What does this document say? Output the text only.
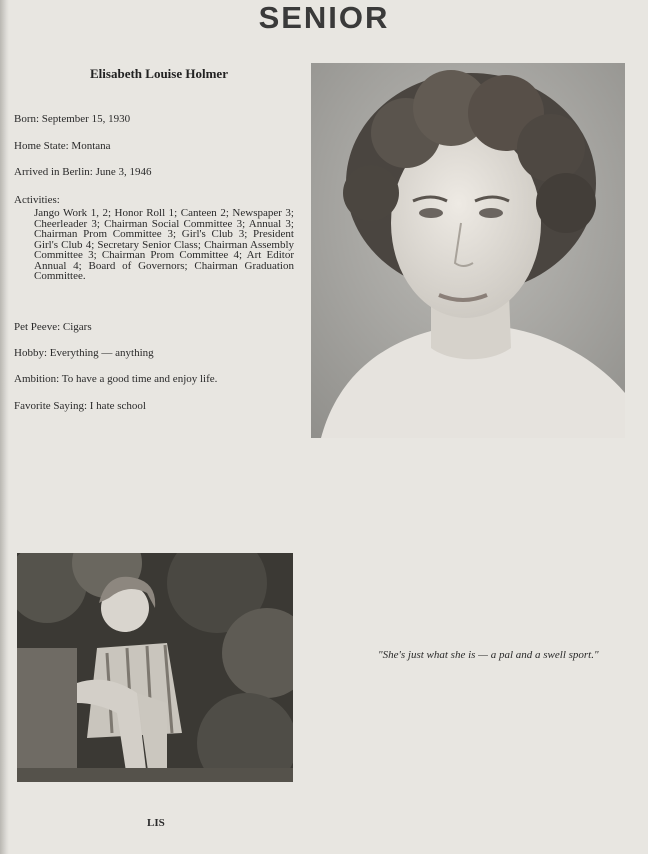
SENIOR
Elisabeth Louise Holmer
Born: September 15, 1930
Home State: Montana
Arrived in Berlin: June 3, 1946
Activities:
Jango Work 1, 2; Honor Roll 1; Canteen 2; Newspaper 3; Cheerleader 3; Chairman Social Committee 3; Annual 3; Chairman Prom Committee 3; Girl's Club 3; President Girl's Club 4; Secretary Senior Class; Chairman Assembly Committee 3; Chairman Prom Committee 4; Art Editor Annual 4; Board of Governors; Chairman Graduation Committee.
Pet Peeve: Cigars
Hobby: Everything — anything
Ambition: To have a good time and enjoy life.
Favorite Saying: I hate school
"She's just what she is — a pal and a swell sport."
LIS
